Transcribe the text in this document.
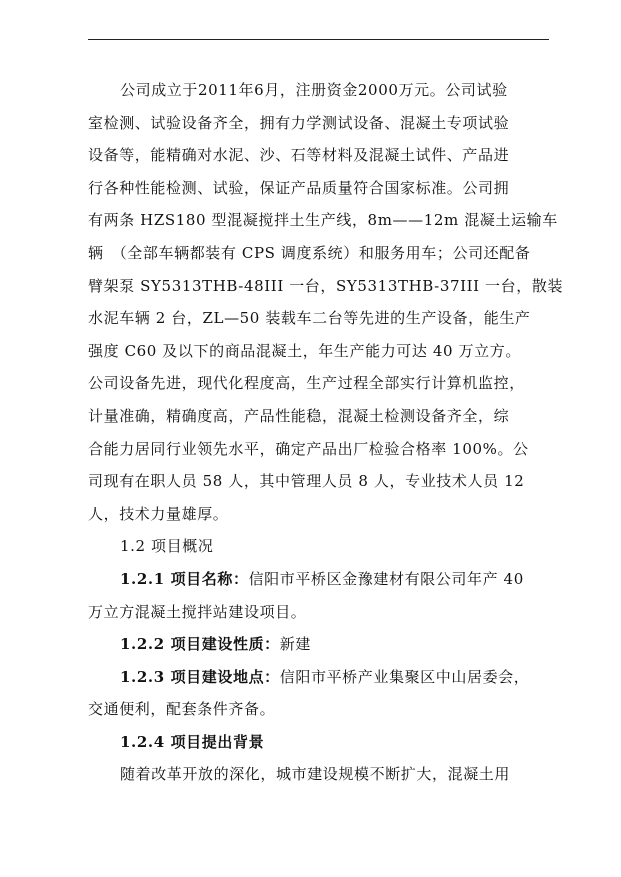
公司成立于2011年6月，注册资金2000万元。公司试验
室检测、试验设备齐全，拥有力学测试设备、混凝土专项试验
设备等，能精确对水泥、沙、石等材料及混凝土试件、产品进
行各种性能检测、试验，保证产品质量符合国家标准。公司拥
有两条 HZS180 型混凝搅拌土生产线，8m——12m 混凝土运输车
辆　（全部车辆都装有 CPS 调度系统）和服务用车；公司还配备
臂架泵 SY5313THB-48III 一台，SY5313THB-37III 一台，散装
水泥车辆 2 台，ZL—50 装载车二台等先进的生产设备，能生产
强度 C60 及以下的商品混凝土，年生产能力可达 40 万立方。
公司设备先进，现代化程度高，生产过程全部实行计算机监控，
计量准确，精确度高，产品性能稳，混凝土检测设备齐全，综
合能力居同行业领先水平，确定产品出厂检验合格率 100%。公
司现有在职人员 58 人，其中管理人员 8 人，专业技术人员 12
人，技术力量雄厚。
1.2 项目概况
1.2.1 项目名称：信阳市平桥区金豫建材有限公司年产 40
万立方混凝土搅拌站建设项目。
1.2.2 项目建设性质：新建
1.2.3 项目建设地点：信阳市平桥产业集聚区中山居委会，
交通便利，配套条件齐备。
1.2.4 项目提出背景
随着改革开放的深化，城市建设规模不断扩大，混凝土用
